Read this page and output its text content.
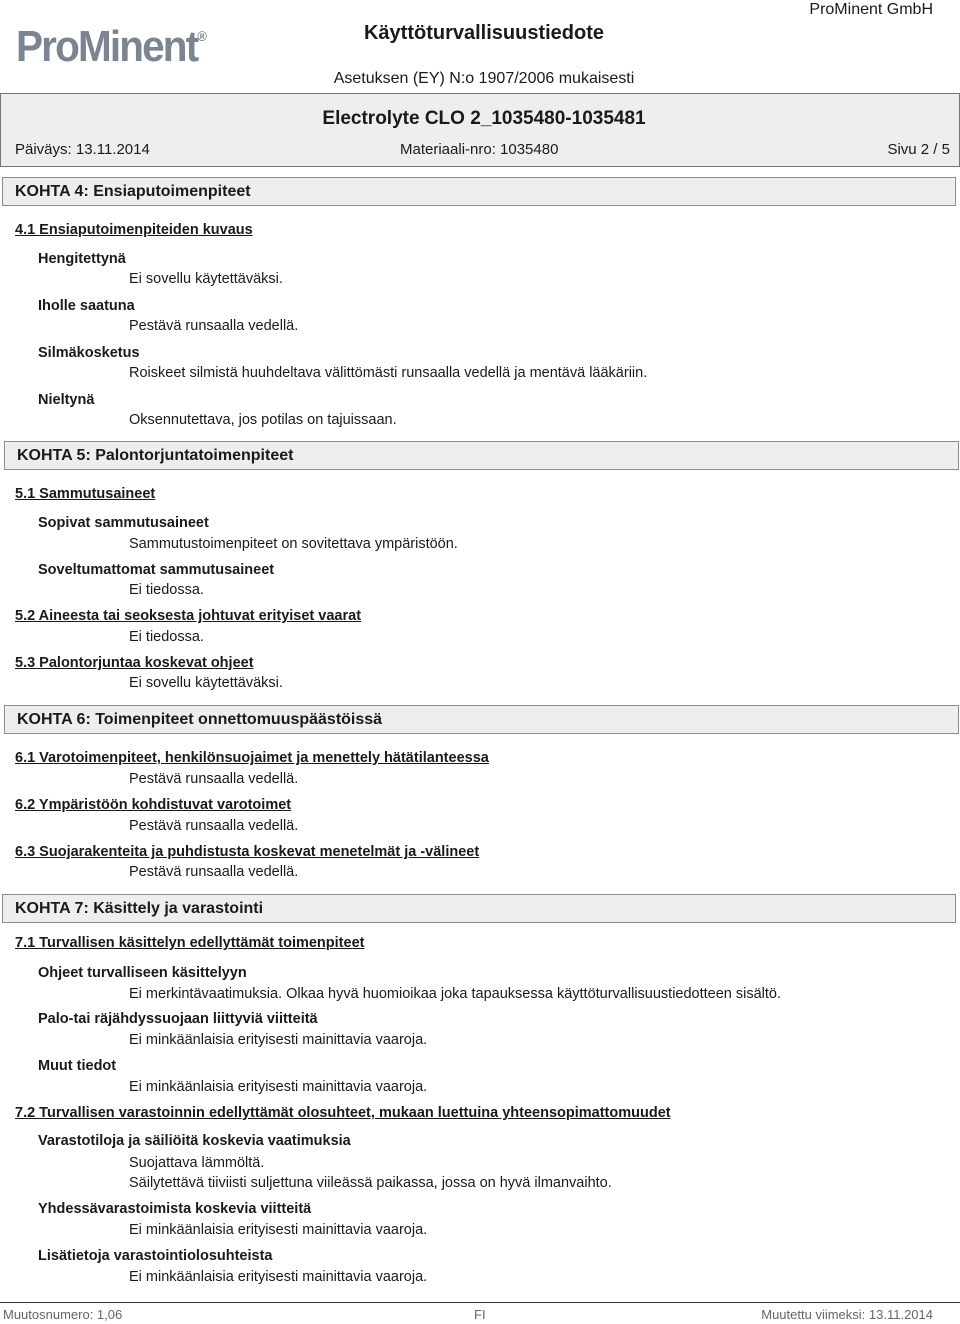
ProMinent®	Käyttöturvallisuustiedote
ProMinent GmbH
Asetuksen (EY) N:o 1907/2006 mukaisesti
Electrolyte CLO 2_1035480-1035481
Päiväys: 13.11.2014	Materiaali-nro: 1035480	Sivu 2 / 5
KOHTA 4: Ensiaputoimenpiteet
4.1 Ensiaputoimenpiteiden kuvaus
Hengitettynä
Ei sovellu käytettäväksi.
Iholle saatuna
Pestävä runsaalla vedellä.
Silmäkosketus
Roiskeet silmistä huuhdeltava välittömästi runsaalla vedellä ja mentävä lääkäriin.
Nieltynä
Oksennutettava, jos potilas on tajuissaan.
KOHTA 5: Palontorjuntatoimenpiteet
5.1 Sammutusaineet
Sopivat sammutusaineet
Sammutustoimenpiteet on sovitettava ympäristöön.
Soveltumattomat sammutusaineet
Ei tiedossa.
5.2 Aineesta tai seoksesta johtuvat erityiset vaarat
Ei tiedossa.
5.3 Palontorjuntaa koskevat ohjeet
Ei sovellu käytettäväksi.
KOHTA 6: Toimenpiteet onnettomuuspäästöissä
6.1 Varotoimenpiteet, henkilönsuojaimet ja menettely hätätilanteessa
Pestävä runsaalla vedellä.
6.2 Ympäristöön kohdistuvat varotoimet
Pestävä runsaalla vedellä.
6.3 Suojarakenteita ja puhdistusta koskevat menetelmät ja -välineet
Pestävä runsaalla vedellä.
KOHTA 7: Käsittely ja varastointi
7.1 Turvallisen käsittelyn edellyttämät toimenpiteet
Ohjeet turvalliseen käsittelyyn
Ei merkintävaatimuksia. Olkaa hyvä huomioikaa joka tapauksessa käyttöturvallisuustiedotteen sisältö.
Palo-tai räjähdyssuojaan liittyviä viitteitä
Ei minkäänlaisia erityisesti mainittavia vaaroja.
Muut tiedot
Ei minkäänlaisia erityisesti mainittavia vaaroja.
7.2 Turvallisen varastoinnin edellyttämät olosuhteet, mukaan luettuina yhteensopimattomuudet
Varastotiloja ja säiliöitä koskevia vaatimuksia
Suojattava lämmöltä.
Säilytettävä tiiviisti suljettuna viileässä paikassa, jossa on hyvä ilmanvaihto.
Yhdessävarastoimista koskevia viitteitä
Ei minkäänlaisia erityisesti mainittavia vaaroja.
Lisätietoja varastointiolosuhteista
Ei minkäänlaisia erityisesti mainittavia vaaroja.
Muutosnumero: 1,06	FI	Muutettu viimeksi: 13.11.2014
